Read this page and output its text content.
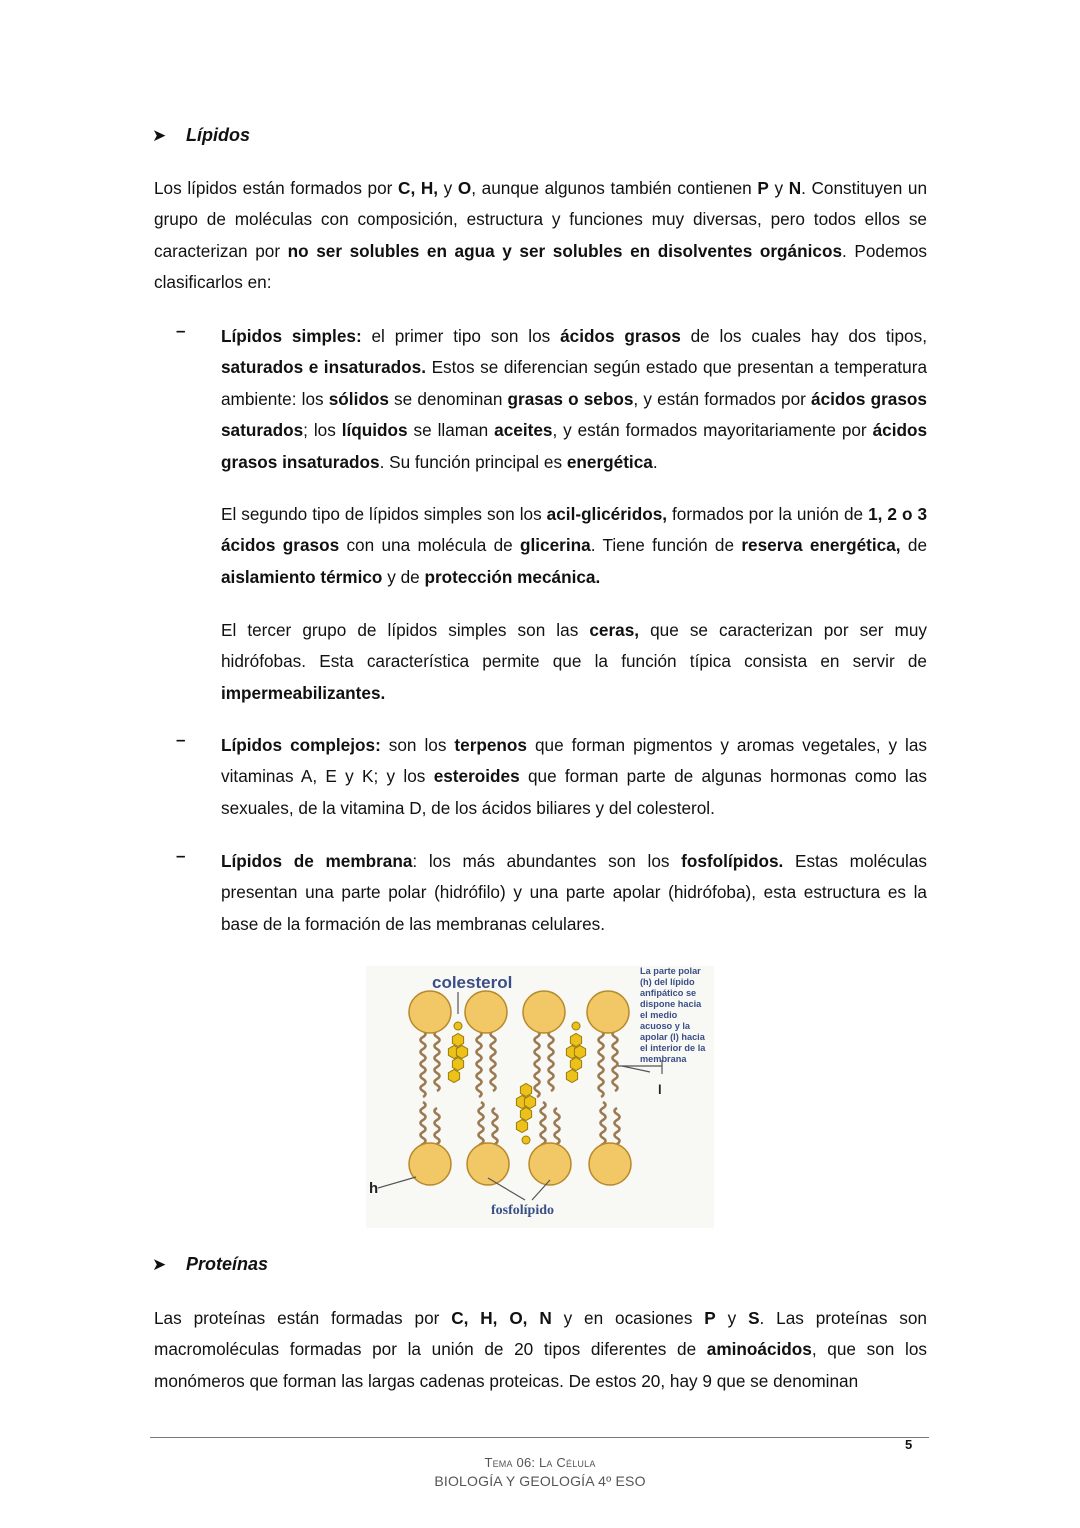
➤	Lípidos
Los lípidos están formados por C, H, y O, aunque algunos también contienen P y N. Constituyen un grupo de moléculas con composición, estructura y funciones muy diversas, pero todos ellos se caracterizan por no ser solubles en agua y ser solubles en disolventes orgánicos. Podemos clasificarlos en:
– Lípidos simples: el primer tipo son los ácidos grasos de los cuales hay dos tipos, saturados e insaturados. Estos se diferencian según estado que presentan a temperatura ambiente: los sólidos se denominan grasas o sebos, y están formados por ácidos grasos saturados; los líquidos se llaman aceites, y están formados mayoritariamente por ácidos grasos insaturados. Su función principal es energética.
El segundo tipo de lípidos simples son los acil-glicéridos, formados por la unión de 1, 2 o 3 ácidos grasos con una molécula de glicerina. Tiene función de reserva energética, de aislamiento térmico y de protección mecánica.
El tercer grupo de lípidos simples son las ceras, que se caracterizan por ser muy hidrófobas. Esta característica permite que la función típica consista en servir de impermeabilizantes.
– Lípidos complejos: son los terpenos que forman pigmentos y aromas vegetales, y las vitaminas A, E y K; y los esteroides que forman parte de algunas hormonas como las sexuales, de la vitamina D, de los ácidos biliares y del colesterol.
– Lípidos de membrana: los más abundantes son los fosfolípidos. Estas moléculas presentan una parte polar (hidrófilo) y una parte apolar (hidrófoba), esta estructura es la base de la formación de las membranas celulares.
colesterol
h
l
fosfolípido
La parte polar
(h) del lípido
anfipático se
dispone hacia
el medio
acuoso y la
apolar (l) hacia
el interior de la
membrana
➤	Proteínas
Las proteínas están formadas por C, H, O, N y en ocasiones P y S. Las proteínas son macromoléculas formadas por la unión de 20 tipos diferentes de aminoácidos, que son los monómeros que forman las largas cadenas proteicas. De estos 20, hay 9 que se denominan
5
Tema 06: La Célula
BIOLOGÍA Y GEOLOGÍA 4º ESO
